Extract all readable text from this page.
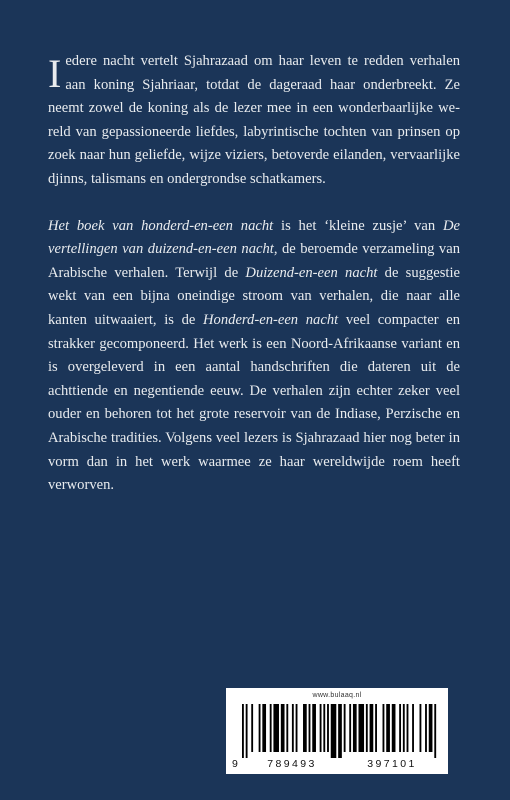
Iedere nacht vertelt Sjahrazaad om haar leven te redden verhalen aan koning Sjahriaar, totdat de dageraad haar onderbreekt. Ze neemt zowel de koning als de lezer mee in een wonderbaarlijke wereld van gepassioneerde liefdes, labyrintische tochten van prinsen op zoek naar hun geliefde, wijze viziers, betoverde eilanden, vervaarlijke djinns, talismans en ondergrondse schatkamers.

Het boek van honderd-en-een nacht is het ‘kleine zusje’ van De vertellingen van duizend-en-een nacht, de beroemde verzameling van Arabische verhalen. Terwijl de Duizend-en-een nacht de suggestie wekt van een bijna oneindige stroom van verhalen, die naar alle kanten uitwaaiert, is de Honderd-en-een nacht veel compacter en strakker gecomponeerd. Het werk is een Noord-Afrikaanse variant en is overgeleverd in een aantal handschriften die dateren uit de achttiende en negentiende eeuw. De verhalen zijn echter zeker veel ouder en behoren tot het grote reservoir van de Indiase, Perzische en Arabische tradities. Volgens veel lezers is Sjahrazaad hier nog beter in vorm dan in het werk waarmee ze haar wereldwijde roem heeft verworven.

www.bulaaq.nl
9	789493	397101
